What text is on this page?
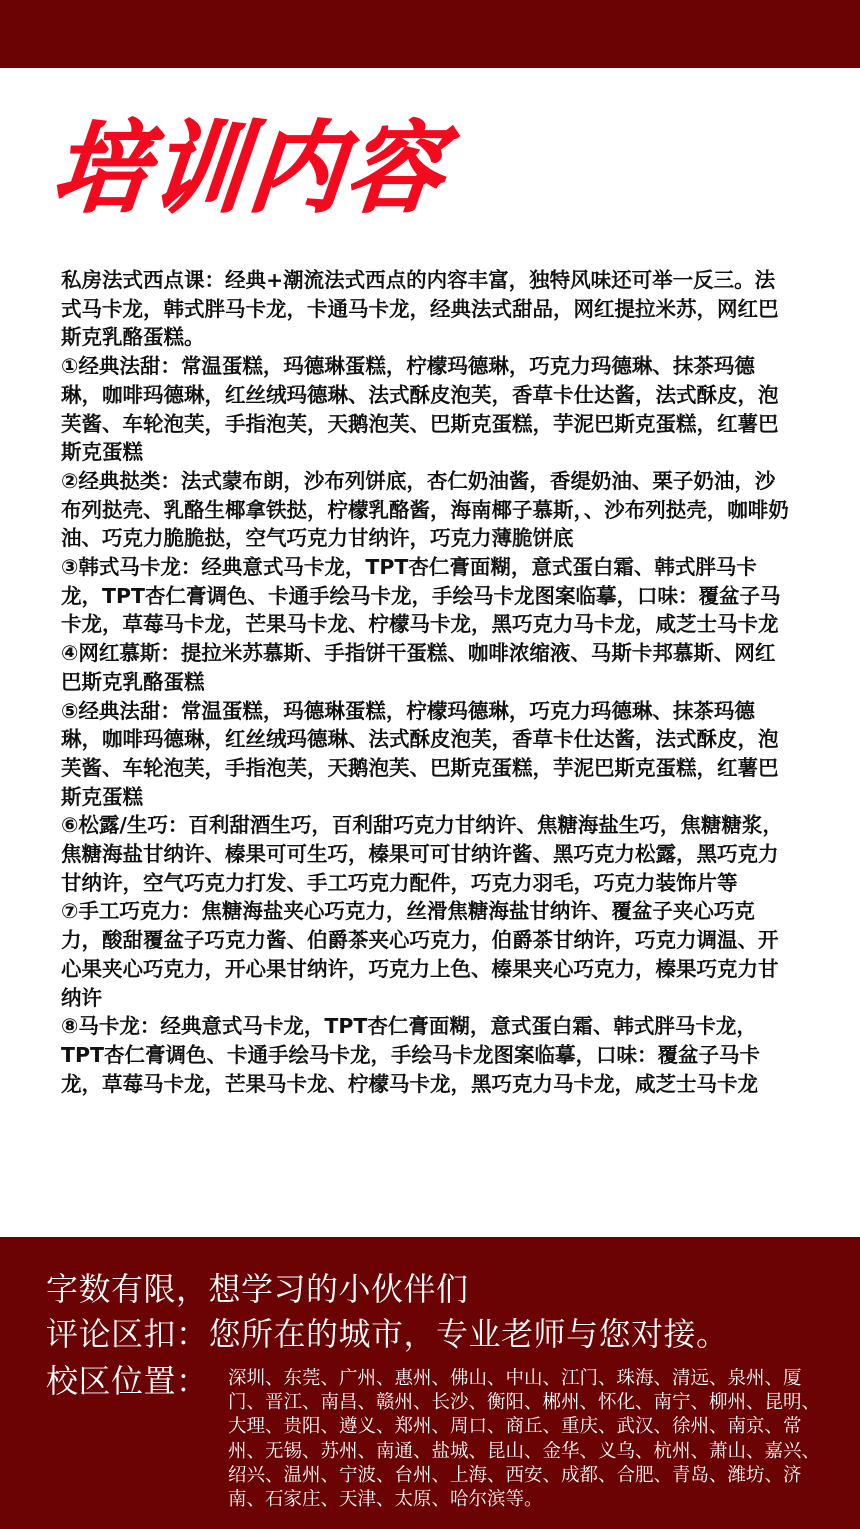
培训内容

私房法式西点课：经典+潮流法式西点的内容丰富，独特风味还可举一反三。法式马卡龙，韩式胖马卡龙，卡通马卡龙，经典法式甜品，网红提拉米苏，网红巴斯克乳酪蛋糕。

①经典法甜：常温蛋糕，玛德琳蛋糕，柠檬玛德琳，巧克力玛德琳、抹茶玛德琳，咖啡玛德琳，红丝绒玛德琳、法式酥皮泡芙，香草卡仕达酱，法式酥皮，泡芙酱、车轮泡芙，手指泡芙，天鹅泡芙、巴斯克蛋糕，芋泥巴斯克蛋糕，红薯巴斯克蛋糕

②经典挞类：法式蒙布朗，沙布列饼底，杏仁奶油酱，香缇奶油、栗子奶油，沙布列挞壳、乳酪生椰拿铁挞，柠檬乳酪酱，海南椰子慕斯，、沙布列挞壳，咖啡奶油、巧克力脆脆挞，空气巧克力甘纳许，巧克力薄脆饼底

③韩式马卡龙：经典意式马卡龙，TPT杏仁膏面糊，意式蛋白霜、韩式胖马卡龙，TPT杏仁膏调色、卡通手绘马卡龙，手绘马卡龙图案临摹，口味：覆盆子马卡龙，草莓马卡龙，芒果马卡龙、柠檬马卡龙，黑巧克力马卡龙，咸芝士马卡龙

④网红慕斯：提拉米苏慕斯、手指饼干蛋糕、咖啡浓缩液、马斯卡邦慕斯、网红巴斯克乳酪蛋糕

⑤经典法甜：常温蛋糕，玛德琳蛋糕，柠檬玛德琳，巧克力玛德琳、抹茶玛德琳，咖啡玛德琳，红丝绒玛德琳、法式酥皮泡芙，香草卡仕达酱，法式酥皮，泡芙酱、车轮泡芙，手指泡芙，天鹅泡芙、巴斯克蛋糕，芋泥巴斯克蛋糕，红薯巴斯克蛋糕

⑥松露/生巧：百利甜酒生巧，百利甜巧克力甘纳许、焦糖海盐生巧，焦糖糖浆，焦糖海盐甘纳许、榛果可可生巧，榛果可可甘纳许酱、黑巧克力松露，黑巧克力甘纳许，空气巧克力打发、手工巧克力配件，巧克力羽毛，巧克力装饰片等

⑦手工巧克力：焦糖海盐夹心巧克力，丝滑焦糖海盐甘纳许、覆盆子夹心巧克力，酸甜覆盆子巧克力酱、伯爵茶夹心巧克力，伯爵茶甘纳许，巧克力调温、开心果夹心巧克力，开心果甘纳许，巧克力上色、榛果夹心巧克力，榛果巧克力甘纳许

⑧马卡龙：经典意式马卡龙，TPT杏仁膏面糊，意式蛋白霜、韩式胖马卡龙，TPT杏仁膏调色、卡通手绘马卡龙，手绘马卡龙图案临摹，口味：覆盆子马卡龙，草莓马卡龙，芒果马卡龙、柠檬马卡龙，黑巧克力马卡龙，咸芝士马卡龙

字数有限，想学习的小伙伴们
评论区扣：您所在的城市，专业老师与您对接。
校区位置： 深圳、东莞、广州、惠州、佛山、中山、江门、珠海、清远、泉州、厦门、晋江、南昌、赣州、长沙、衡阳、郴州、怀化、南宁、柳州、昆明、大理、贵阳、遵义、郑州、周口、商丘、重庆、武汉、徐州、南京、常州、无锡、苏州、南通、盐城、昆山、金华、义乌、杭州、萧山、嘉兴、绍兴、温州、宁波、台州、上海、西安、成都、合肥、青岛、潍坊、济南、石家庄、天津、太原、哈尔滨等。
